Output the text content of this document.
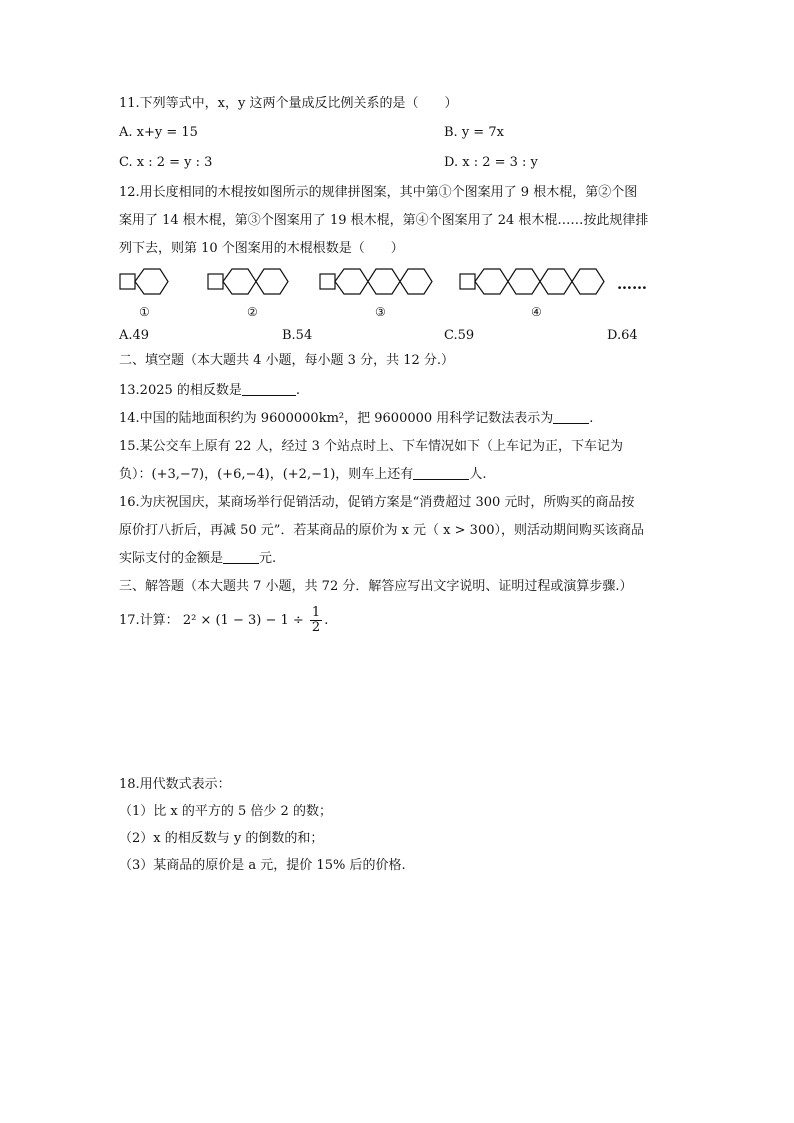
11.下列等式中，x，y 这两个量成反比例关系的是（　　）
A. x+y = 15	B. y = 7x
C. x : 2 = y : 3	D. x : 2 = 3 : y
12.用长度相同的木棍按如图所示的规律拼图案，其中第①个图案用了 9 根木棍，第②个图
案用了 14 根木棍，第③个图案用了 19 根木棍，第④个图案用了 24 根木棍……按此规律排
列下去，则第 10 个图案用的木棍根数是（　　）
①	②	③	④
……
A.49	B.54	C.59	D.64
二、填空题（本大题共 4 小题，每小题 3 分，共 12 分.）
13.2025 的相反数是	.
14.中国的陆地面积约为 9600000km²，把 9600000 用科学记数法表示为	.
15.某公交车上原有 22 人，经过 3 个站点时上、下车情况如下（上车记为正，下车记为
负）：(+3,−7)，(+6,−4)，(+2,−1)，则车上还有	人.
16.为庆祝国庆，某商场举行促销活动，促销方案是“消费超过 300 元时，所购买的商品按
原价打八折后，再减 50 元”．若某商品的原价为 x 元（ x > 300），则活动期间购买该商品
实际支付的金额是	元.
三、解答题（本大题共 7 小题，共 72 分．解答应写出文字说明、证明过程或演算步骤.）
17.计算： $2^2 \times (1 - 3) - 1 \div \frac{1}{2}$ .
18.用代数式表示：
（1）比 x 的平方的 5 倍少 2 的数；
（2）x 的相反数与 y 的倒数的和；
（3）某商品的原价是 a 元，提价 15% 后的价格.
